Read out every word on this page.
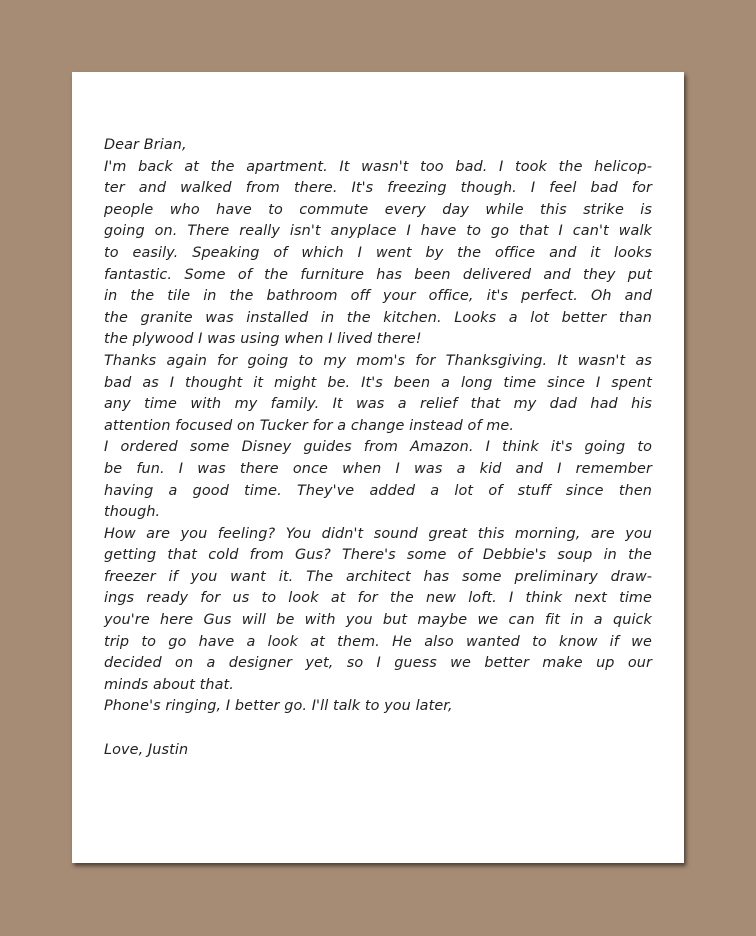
Dear Brian,
I'm back at the apartment. It wasn't too bad. I took the helicop-
ter and walked from there. It's freezing though. I feel bad for
people who have to commute every day while this strike is
going on. There really isn't anyplace I have to go that I can't walk
to easily. Speaking of which I went by the office and it looks
fantastic. Some of the furniture has been delivered and they put
in the tile in the bathroom off your office, it's perfect. Oh and
the granite was installed in the kitchen. Looks a lot better than
the plywood I was using when I lived there!
Thanks again for going to my mom's for Thanksgiving. It wasn't as
bad as I thought it might be. It's been a long time since I spent
any time with my family. It was a relief that my dad had his
attention focused on Tucker for a change instead of me.
I ordered some Disney guides from Amazon. I think it's going to
be fun. I was there once when I was a kid and I remember
having a good time. They've added a lot of stuff since then
though.
How are you feeling? You didn't sound great this morning, are you
getting that cold from Gus? There's some of Debbie's soup in the
freezer if you want it. The architect has some preliminary draw-
ings ready for us to look at for the new loft. I think next time
you're here Gus will be with you but maybe we can fit in a quick
trip to go have a look at them. He also wanted to know if we
decided on a designer yet, so I guess we better make up our
minds about that.
Phone's ringing, I better go. I'll talk to you later,
Love, Justin
